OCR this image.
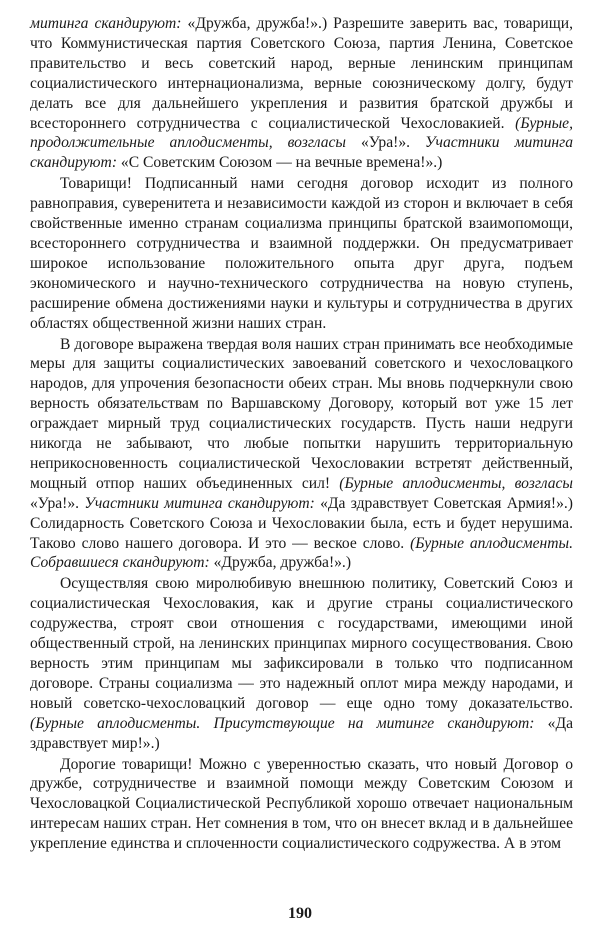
митинга скандируют: «Дружба, дружба!».) Разрешите заверить вас, товарищи, что Коммунистическая партия Советского Союза, партия Ленина, Советское правительство и весь советский народ, верные ленинским принципам социалистического интернационализма, верные союзническому долгу, будут делать все для дальнейшего укрепления и развития братской дружбы и всестороннего сотрудничества с социалистической Чехословакией. (Бурные, продолжительные аплодисменты, возгласы «Ура!». Участники митинга скандируют: «С Советским Союзом — на вечные времена!».)

Товарищи! Подписанный нами сегодня договор исходит из полного равноправия, суверенитета и независимости каждой из сторон и включает в себя свойственные именно странам социализма принципы братской взаимопомощи, всестороннего сотрудничества и взаимной поддержки. Он предусматривает широкое использование положительного опыта друг друга, подъем экономического и научно-технического сотрудничества на новую ступень, расширение обмена достижениями науки и культуры и сотрудничества в других областях общественной жизни наших стран.

В договоре выражена твердая воля наших стран принимать все необходимые меры для защиты социалистических завоеваний советского и чехословацкого народов, для упрочения безопасности обеих стран. Мы вновь подчеркнули свою верность обязательствам по Варшавскому Договору, который вот уже 15 лет ограждает мирный труд социалистических государств. Пусть наши недруги никогда не забывают, что любые попытки нарушить территориальную неприкосновенность социалистической Чехословакии встретят действенный, мощный отпор наших объединенных сил! (Бурные аплодисменты, возгласы «Ура!». Участники митинга скандируют: «Да здравствует Советская Армия!».) Солидарность Советского Союза и Чехословакии была, есть и будет нерушима. Таково слово нашего договора. И это — веское слово. (Бурные аплодисменты. Собравшиеся скандируют: «Дружба, дружба!».)

Осуществляя свою миролюбивую внешнюю политику, Советский Союз и социалистическая Чехословакия, как и другие страны социалистического содружества, строят свои отношения с государствами, имеющими иной общественный строй, на ленинских принципах мирного сосуществования. Свою верность этим принципам мы зафиксировали в только что подписанном договоре. Страны социализма — это надежный оплот мира между народами, и новый советско-чехословацкий договор — еще одно тому доказательство. (Бурные аплодисменты. Присутствующие на митинге скандируют: «Да здравствует мир!».)

Дорогие товарищи! Можно с уверенностью сказать, что новый Договор о дружбе, сотрудничестве и взаимной помощи между Советским Союзом и Чехословацкой Социалистической Республикой хорошо отвечает национальным интересам наших стран. Нет сомнения в том, что он внесет вклад и в дальнейшее укрепление единства и сплоченности социалистического содружества. А в этом

190
